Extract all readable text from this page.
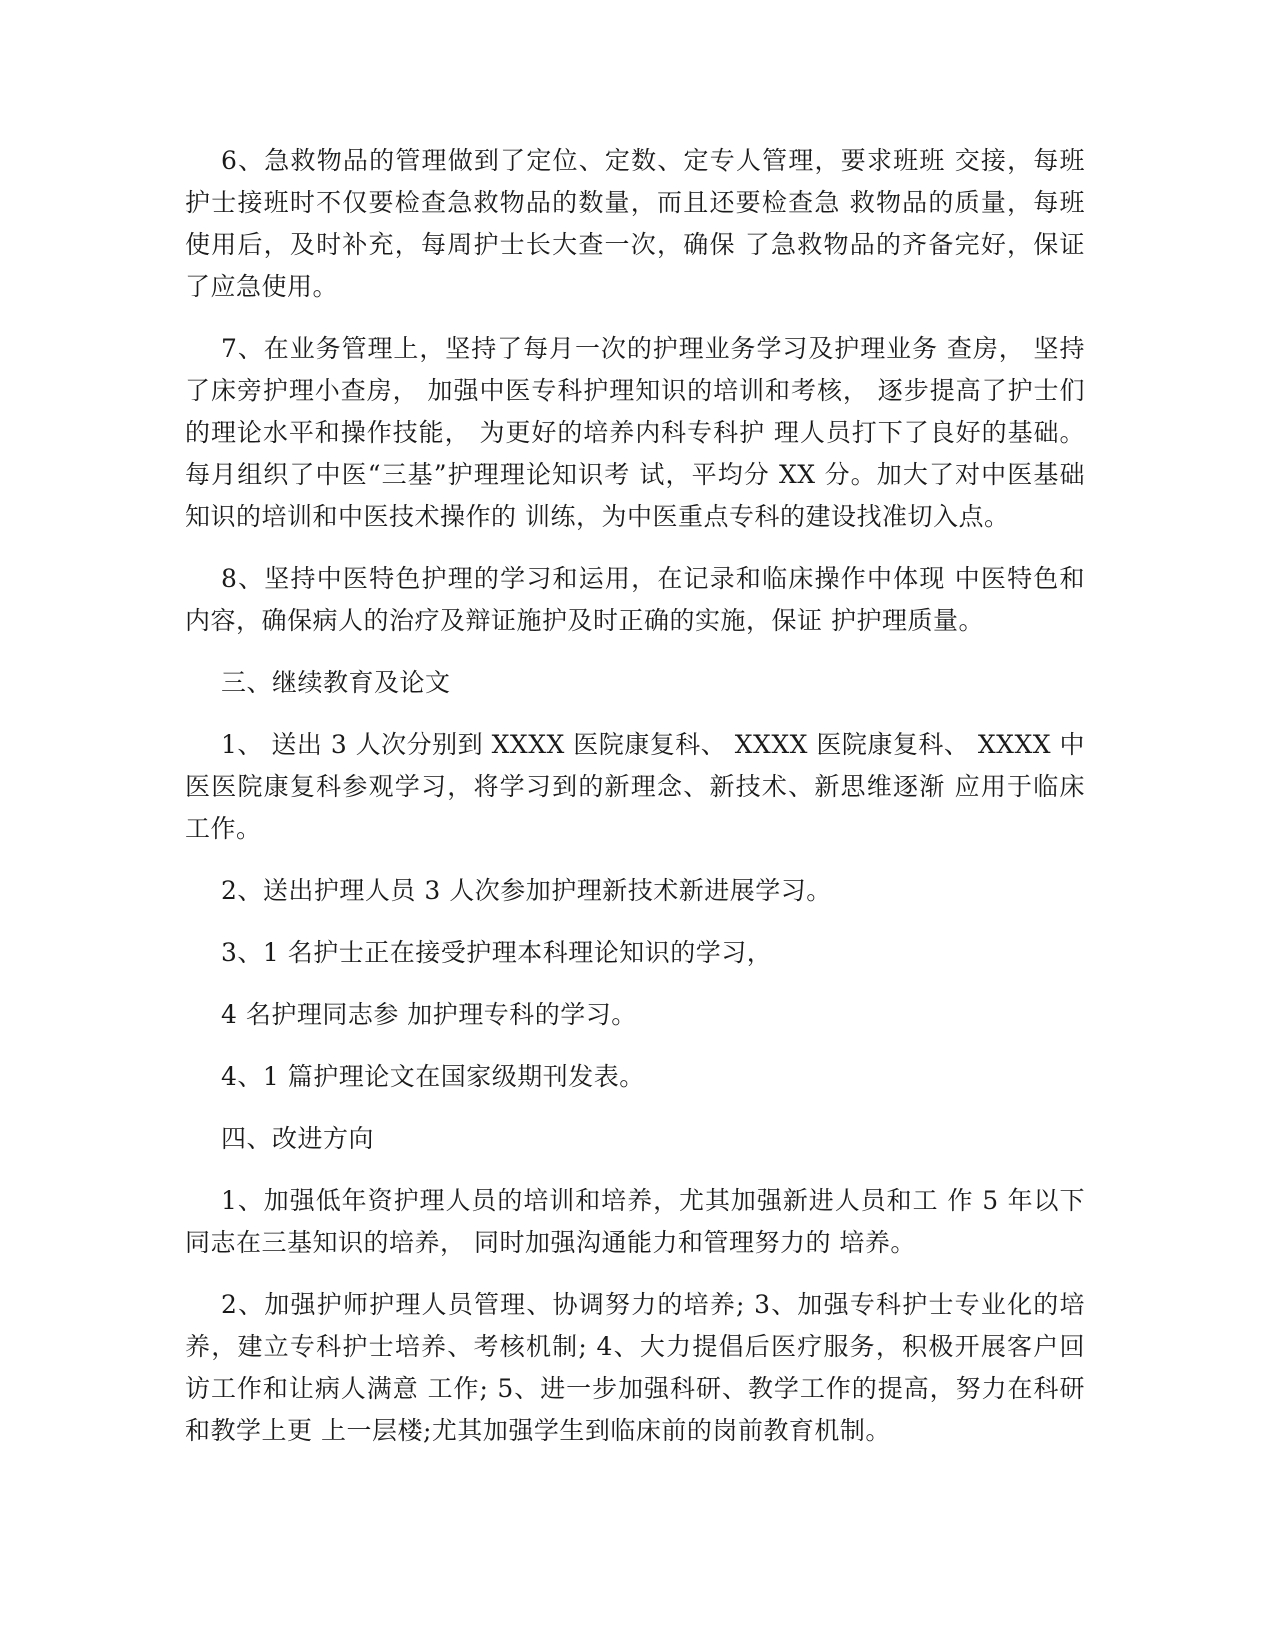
6、急救物品的管理做到了定位、定数、定专人管理，要求班班 交接，每班护士接班时不仅要检查急救物品的数量，而且还要检查急 救物品的质量，每班使用后，及时补充，每周护士长大查一次，确保 了急救物品的齐备完好，保证了应急使用。

7、在业务管理上，坚持了每月一次的护理业务学习及护理业务 查房， 坚持了床旁护理小查房， 加强中医专科护理知识的培训和考核， 逐步提高了护士们的理论水平和操作技能， 为更好的培养内科专科护 理人员打下了良好的基础。每月组织了中医“三基”护理理论知识考 试，平均分 XX 分。加大了对中医基础知识的培训和中医技术操作的 训练，为中医重点专科的建设找准切入点。

8、坚持中医特色护理的学习和运用，在记录和临床操作中体现 中医特色和内容，确保病人的治疗及辩证施护及时正确的实施，保证 护护理质量。

三、继续教育及论文

1、 送出 3 人次分别到 XXXX 医院康复科、 XXXX 医院康复科、 XXXX 中医医院康复科参观学习，将学习到的新理念、新技术、新思维逐渐 应用于临床工作。

2、送出护理人员 3 人次参加护理新技术新进展学习。

3、1 名护士正在接受护理本科理论知识的学习，

4 名护理同志参 加护理专科的学习。

4、1 篇护理论文在国家级期刊发表。

四、改进方向

1、加强低年资护理人员的培训和培养，尤其加强新进人员和工 作 5 年以下同志在三基知识的培养， 同时加强沟通能力和管理努力的 培养。

2、加强护师护理人员管理、协调努力的培养; 3、加强专科护士专业化的培养，建立专科护士培养、考核机制; 4、大力提倡后医疗服务，积极开展客户回访工作和让病人满意 工作; 5、进一步加强科研、教学工作的提高，努力在科研和教学上更 上一层楼;尤其加强学生到临床前的岗前教育机制。
